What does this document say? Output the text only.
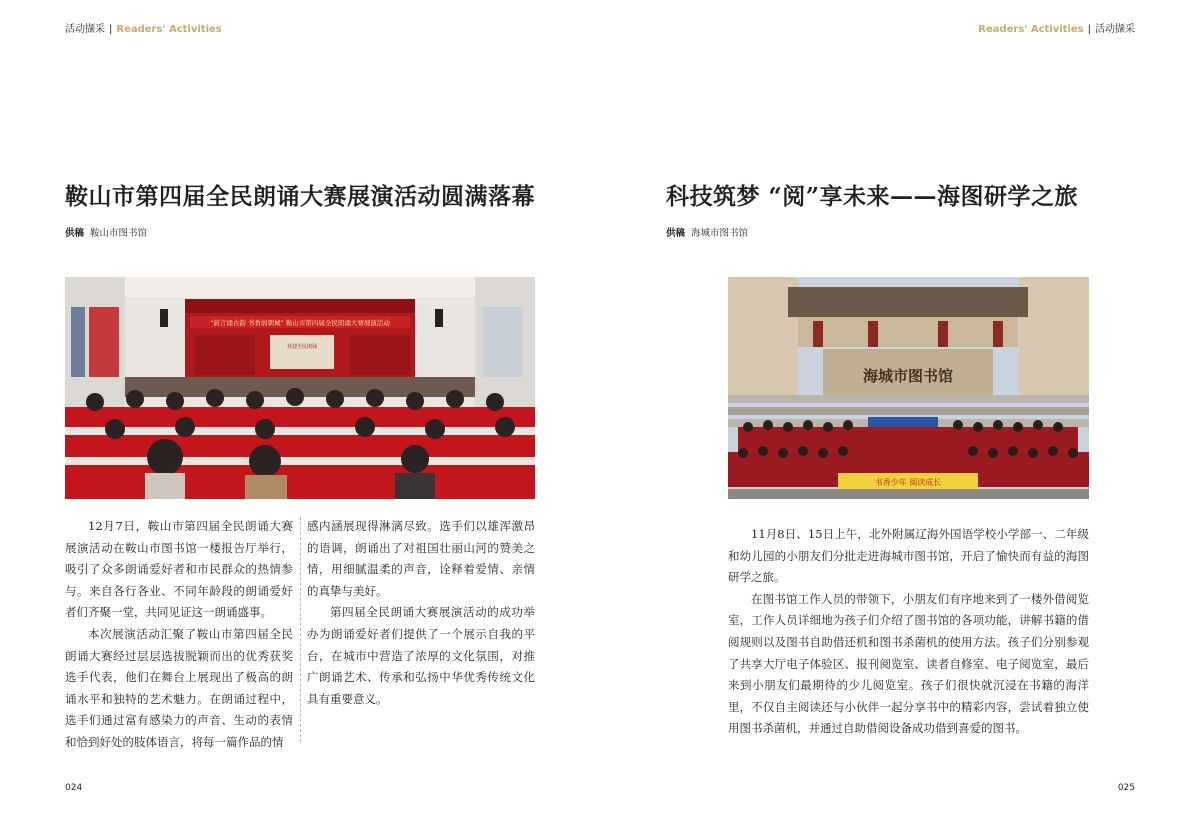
活动撷采 | Readers' Activities
鞍山市第四届全民朗诵大赛展演活动圆满落幕
供稿 鞍山市图书馆
“蔚言诵古韵 书香润朝城” 鞍山市第四届全民朗诵大赛展演活动
欢迎全民朗诵

12月7日，鞍山市第四届全民朗诵大赛展演活动在鞍山市图书馆一楼报告厅举行，吸引了众多朗诵爱好者和市民群众的热情参与。来自各行各业、不同年龄段的朗诵爱好者们齐聚一堂，共同见证这一朗诵盛事。

本次展演活动汇聚了鞍山市第四届全民朗诵大赛经过层层选拔脱颖而出的优秀获奖选手代表，他们在舞台上展现出了极高的朗诵水平和独特的艺术魅力。在朗诵过程中，选手们通过富有感染力的声音、生动的表情和恰到好处的肢体语言，将每一篇作品的情

感内涵展现得淋漓尽致。选手们以雄浑激昂的语调，朗诵出了对祖国壮丽山河的赞美之情，用细腻温柔的声音，诠释着爱情、亲情的真挚与美好。

第四届全民朗诵大赛展演活动的成功举办为朗诵爱好者们提供了一个展示自我的平台，在城市中营造了浓厚的文化氛围，对推广朗诵艺术、传承和弘扬中华优秀传统文化具有重要意义。

024
Readers' Activities | 活动撷采
科技筑梦 “阅”享未来——海图研学之旅
供稿 海城市图书馆
海城市图书馆
书香少年 阅读成长

11月8日、15日上午，北外附属辽海外国语学校小学部一、二年级和幼儿园的小朋友们分批走进海城市图书馆，开启了愉快而有益的海图研学之旅。

在图书馆工作人员的带领下，小朋友们有序地来到了一楼外借阅览室，工作人员详细地为孩子们介绍了图书馆的各项功能，讲解书籍的借阅规则以及图书自助借还机和图书杀菌机的使用方法。孩子们分别参观了共享大厅电子体验区、报刊阅览室、读者自修室、电子阅览室，最后来到小朋友们最期待的少儿阅览室。孩子们很快就沉浸在书籍的海洋里，不仅自主阅读还与小伙伴一起分享书中的精彩内容，尝试着独立使用图书杀菌机，并通过自助借阅设备成功借到喜爱的图书。

025
